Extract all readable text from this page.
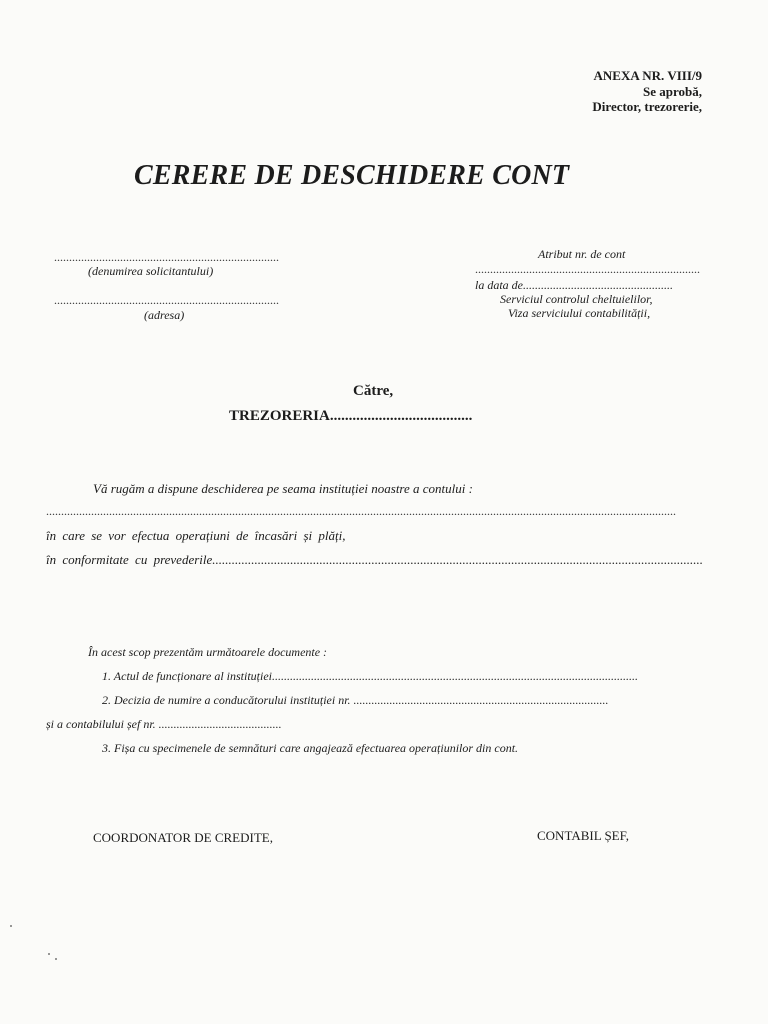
ANEXA NR. VIII/9
Se aprobă,
Director, trezorerie,
CERERE DE DESCHIDERE CONT
...........................................................................
(denumirea solicitantului)
...........................................................................
(adresa)
Atribut nr. de cont
...........................................................................
la data de..................................................
Serviciul controlul cheltuielilor,
Viza serviciului contabilității,
Către,
TREZORERIA......................................
Vă rugăm a dispune deschiderea pe seama instituției noastre a contului :
..................................................................................................................................................................................................................
în care se vor efectua operațiuni de încasări și plăți,
în conformitate cu prevederile.......................................................................................................................................................
În acest scop prezentăm următoarele documente :
1. Actul de funcționare al instituției..........................................................................................................................
2. Decizia de numire a conducătorului instituției nr. .....................................................................................
și a contabilului șef nr. .........................................
3. Fișa cu specimenele de semnături care angajează efectuarea operațiunilor din cont.
COORDONATOR DE CREDITE,	CONTABIL ȘEF,
